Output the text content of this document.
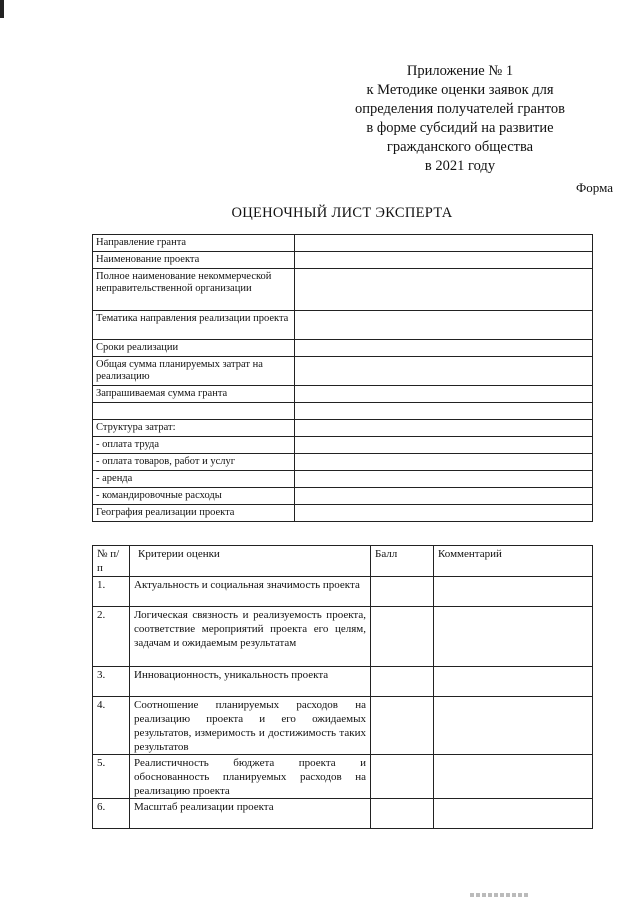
Приложение № 1
к Методике оценки заявок для
определения получателей грантов
в форме субсидий на развитие
гражданского общества
в 2021 году
Форма
ОЦЕНОЧНЫЙ ЛИСТ ЭКСПЕРТА
Направление гранта	
Наименование проекта	
Полное наименование некоммерческой неправительственной организации	
Тематика направления реализации проекта	
Сроки реализации	
Общая сумма планируемых затрат на реализацию	
Запрашиваемая сумма гранта	

Структура затрат:	
- оплата труда	
- оплата товаров, работ и услуг	
- аренда	
- командировочные расходы	
География реализации проекта	
№ п/п	Критерии оценки	Балл	Комментарий
1.	Актуальность и социальная значимость проекта		
2.	Логическая связность и реализуемость проекта, соответствие мероприятий проекта его целям, задачам и ожидаемым результатам		
3.	Инновационность, уникальность проекта		
4.	Соотношение планируемых расходов на реализацию проекта и его ожидаемых результатов, измеримость и достижимость таких результатов		
5.	Реалистичность бюджета проекта и обоснованность планируемых расходов на реализацию проекта		
6.	Масштаб реализации проекта		
